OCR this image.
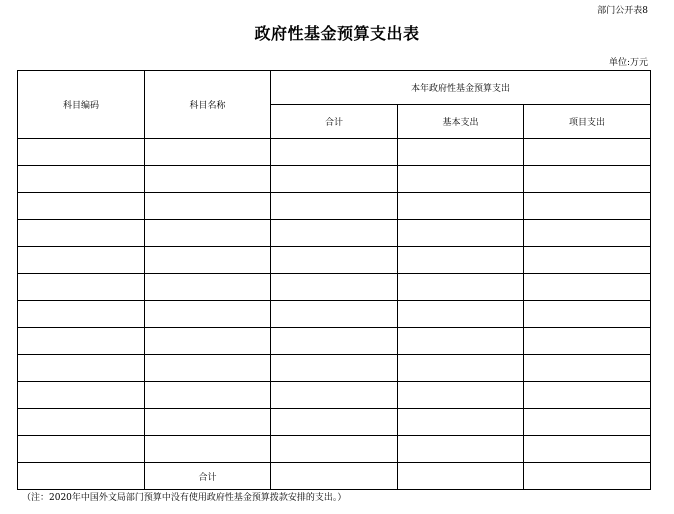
部门公开表8
政府性基金预算支出表
单位:万元
科目编码	科目名称	本年政府性基金预算支出		
		合计	基本支出	项目支出

	合计			
（注：2020年中国外文局部门预算中没有使用政府性基金预算拨款安排的支出。）
